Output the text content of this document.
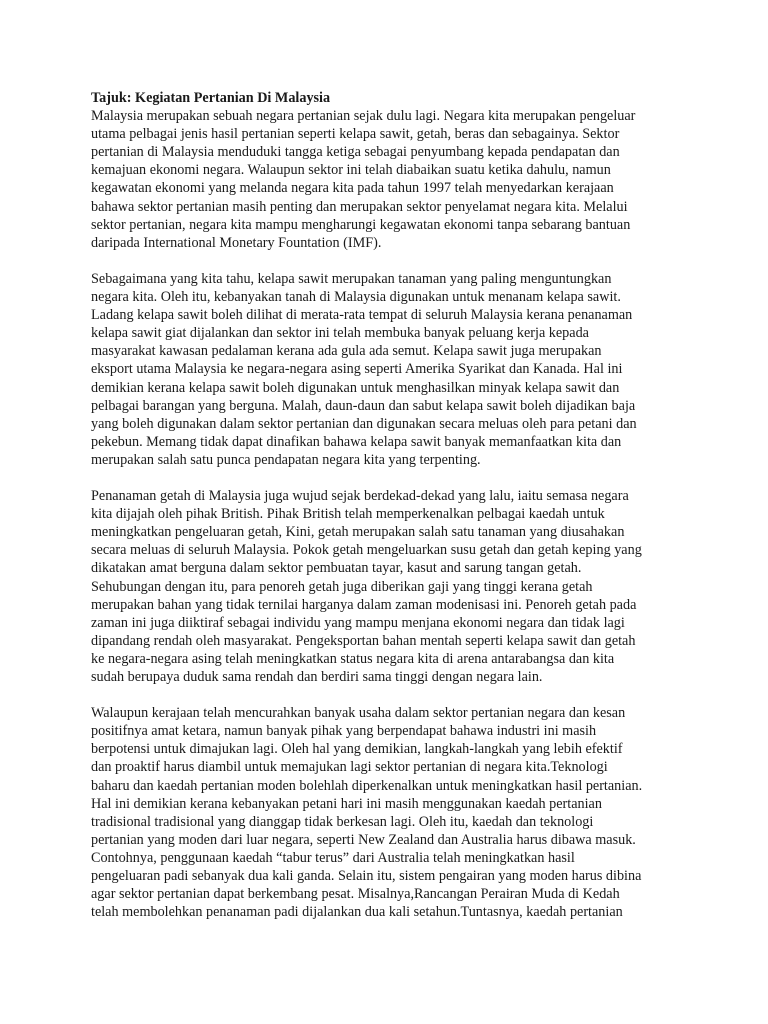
Tajuk: Kegiatan Pertanian Di Malaysia

Malaysia merupakan sebuah negara pertanian sejak dulu lagi. Negara kita merupakan pengeluar
utama pelbagai jenis hasil pertanian seperti kelapa sawit, getah, beras dan sebagainya. Sektor
pertanian di Malaysia menduduki tangga ketiga sebagai penyumbang kepada pendapatan dan
kemajuan ekonomi negara. Walaupun sektor ini telah diabaikan suatu ketika dahulu, namun
kegawatan ekonomi yang melanda negara kita pada tahun 1997 telah menyedarkan kerajaan
bahawa sektor pertanian masih penting dan merupakan sektor penyelamat negara kita. Melalui
sektor pertanian, negara kita mampu mengharungi kegawatan ekonomi tanpa sebarang bantuan
daripada International Monetary Fountation (IMF).

Sebagaimana yang kita tahu, kelapa sawit merupakan tanaman yang paling menguntungkan
negara kita. Oleh itu, kebanyakan tanah di Malaysia digunakan untuk menanam kelapa sawit.
Ladang kelapa sawit boleh dilihat di merata-rata tempat di seluruh Malaysia kerana penanaman
kelapa sawit giat dijalankan dan sektor ini telah membuka banyak peluang kerja kepada
masyarakat kawasan pedalaman kerana ada gula ada semut. Kelapa sawit juga merupakan
eksport utama Malaysia ke negara-negara asing seperti Amerika Syarikat dan Kanada. Hal ini
demikian kerana kelapa sawit boleh digunakan untuk menghasilkan minyak kelapa sawit dan
pelbagai barangan yang berguna. Malah, daun-daun dan sabut kelapa sawit boleh dijadikan baja
yang boleh digunakan dalam sektor pertanian dan digunakan secara meluas oleh para petani dan
pekebun. Memang tidak dapat dinafikan bahawa kelapa sawit banyak memanfaatkan kita dan
merupakan salah satu punca pendapatan negara kita yang terpenting.

Penanaman getah di Malaysia juga wujud sejak berdekad-dekad yang lalu, iaitu semasa negara
kita dijajah oleh pihak British. Pihak British telah memperkenalkan pelbagai kaedah untuk
meningkatkan pengeluaran getah, Kini, getah merupakan salah satu tanaman yang diusahakan
secara meluas di seluruh Malaysia. Pokok getah mengeluarkan susu getah dan getah keping yang
dikatakan amat berguna dalam sektor pembuatan tayar, kasut and sarung tangan getah.
Sehubungan dengan itu, para penoreh getah juga diberikan gaji yang tinggi kerana getah
merupakan bahan yang tidak ternilai harganya dalam zaman modenisasi ini. Penoreh getah pada
zaman ini juga diiktiraf sebagai individu yang mampu menjana ekonomi negara dan tidak lagi
dipandang rendah oleh masyarakat. Pengeksportan bahan mentah seperti kelapa sawit dan getah
ke negara-negara asing telah meningkatkan status negara kita di arena antarabangsa dan kita
sudah berupaya duduk sama rendah dan berdiri sama tinggi dengan negara lain.

Walaupun kerajaan telah mencurahkan banyak usaha dalam sektor pertanian negara dan kesan
positifnya amat ketara, namun banyak pihak yang berpendapat bahawa industri ini masih
berpotensi untuk dimajukan lagi. Oleh hal yang demikian, langkah-langkah yang lebih efektif
dan proaktif harus diambil untuk memajukan lagi sektor pertanian di negara kita.Teknologi
baharu dan kaedah pertanian moden bolehlah diperkenalkan untuk meningkatkan hasil pertanian.
Hal ini demikian kerana kebanyakan petani hari ini masih menggunakan kaedah pertanian
tradisional tradisional yang dianggap tidak berkesan lagi. Oleh itu, kaedah dan teknologi
pertanian yang moden dari luar negara, seperti New Zealand dan Australia harus dibawa masuk.
Contohnya, penggunaan kaedah “tabur terus” dari Australia telah meningkatkan hasil
pengeluaran padi sebanyak dua kali ganda. Selain itu, sistem pengairan yang moden harus dibina
agar sektor pertanian dapat berkembang pesat. Misalnya,Rancangan Perairan Muda di Kedah
telah membolehkan penanaman padi dijalankan dua kali setahun.Tuntasnya, kaedah pertanian
